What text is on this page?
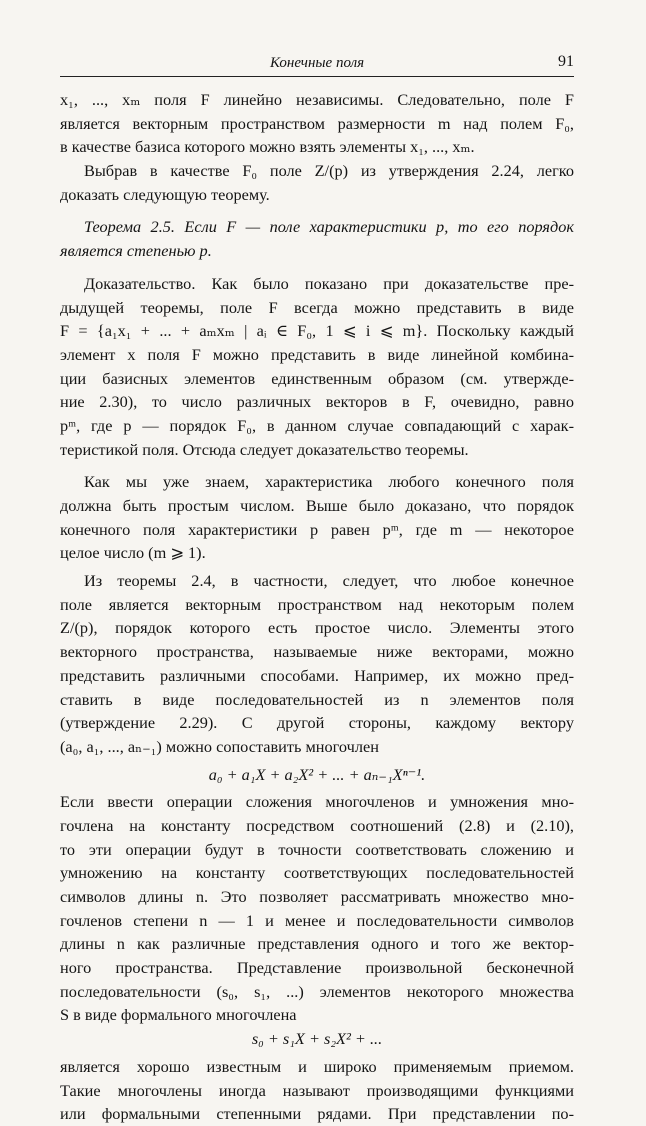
Конечные поля	91
x₁, ..., xₘ поля F линейно независимы. Следовательно, поле F
является векторным пространством размерности m над полем F₀,
в качестве базиса которого можно взять элементы x₁, ..., xₘ.
Выбрав в качестве F₀ поле Z/(p) из утверждения 2.24, легко
доказать следующую теорему.
Теорема 2.5. Если F — поле характеристики p, то его порядок
является степенью p.
Доказательство. Как было показано при доказательстве пре-
дыдущей теоремы, поле F всегда можно представить в виде
F = {a₁x₁ + ... + aₘxₘ | aᵢ ∈ F₀, 1 ⩽ i ⩽ m}. Поскольку каждый
элемент x поля F можно представить в виде линейной комбина-
ции базисных элементов единственным образом (см. утвержде-
ние 2.30), то число различных векторов в F, очевидно, равно
pᵐ, где p — порядок F₀, в данном случае совпадающий с харак-
теристикой поля. Отсюда следует доказательство теоремы.
Как мы уже знаем, характеристика любого конечного поля
должна быть простым числом. Выше было доказано, что порядок
конечного поля характеристики p равен pᵐ, где m — некоторое
целое число (m ⩾ 1).
Из теоремы 2.4, в частности, следует, что любое конечное
поле является векторным пространством над некоторым полем
Z/(p), порядок которого есть простое число. Элементы этого
векторного пространства, называемые ниже векторами, можно
представить различными способами. Например, их можно пред-
ставить в виде последовательностей из n элементов поля
(утверждение 2.29). С другой стороны, каждому вектору
(a₀, a₁, ..., aₙ₋₁) можно сопоставить многочлен
a₀ + a₁X + a₂X² + ... + aₙ₋₁Xⁿ⁻¹.
Если ввести операции сложения многочленов и умножения мно-
гочлена на константу посредством соотношений (2.8) и (2.10),
то эти операции будут в точности соответствовать сложению и
умножению на константу соответствующих последовательностей
символов длины n. Это позволяет рассматривать множество мно-
гочленов степени n — 1 и менее и последовательности символов
длины n как различные представления одного и того же вектор-
ного пространства. Представление произвольной бесконечной
последовательности (s₀, s₁, ...) элементов некоторого множества
S в виде формального многочлена
s₀ + s₁X + s₂X² + ...
является хорошо известным и широко применяемым приемом.
Такие многочлены иногда называют производящими функциями
или формальными степенными рядами. При представлении по-
